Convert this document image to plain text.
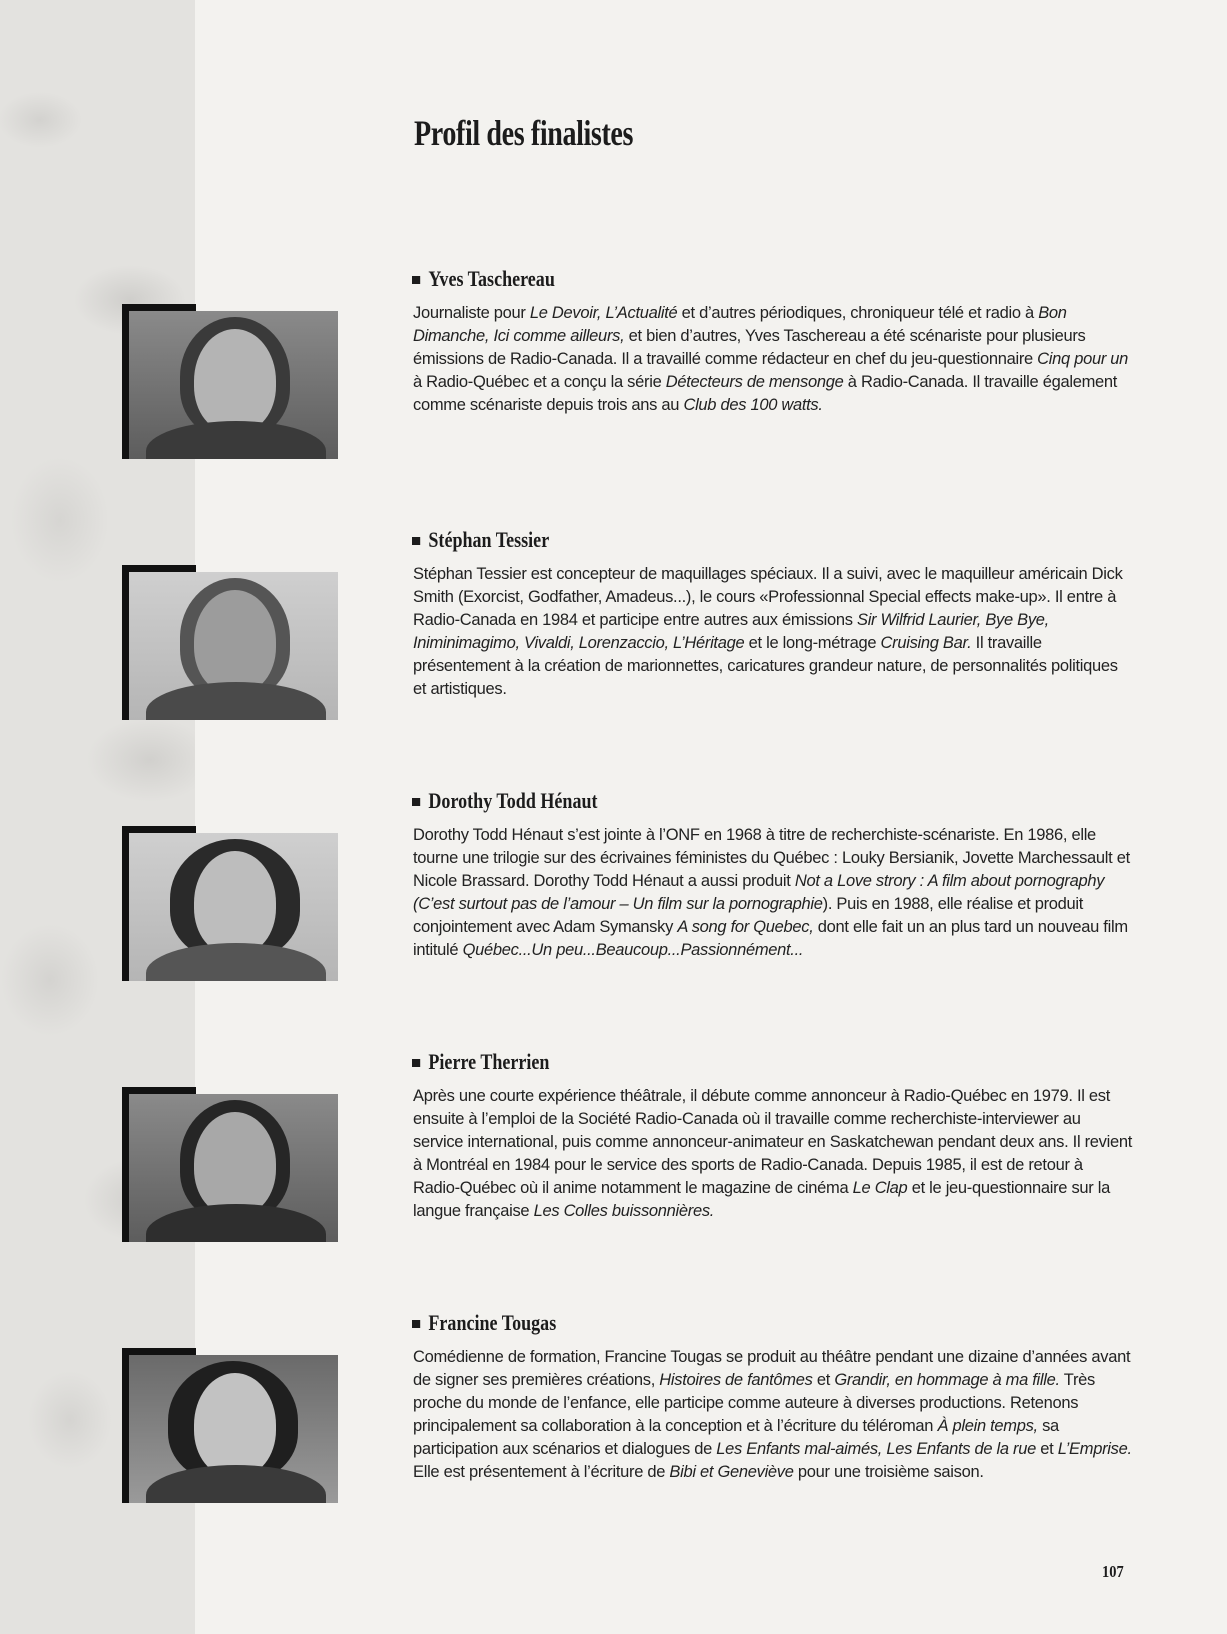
Profil des finalistes
Yves Taschereau
Journaliste pour Le Devoir, L’Actualité et d’autres périodiques, chroniqueur télé et radio à Bon Dimanche, Ici comme ailleurs, et bien d’autres, Yves Taschereau a été scénariste pour plusieurs émissions de Radio-Canada. Il a travaillé comme rédacteur en chef du jeu-questionnaire Cinq pour un à Radio-Québec et a conçu la série Détecteurs de mensonge à Radio-Canada. Il travaille également comme scénariste depuis trois ans au Club des 100 watts.
Stéphan Tessier
Stéphan Tessier est concepteur de maquillages spéciaux. Il a suivi, avec le maquilleur américain Dick Smith (Exorcist, Godfather, Amadeus...), le cours «Professionnal Special effects make-up». Il entre à Radio-Canada en 1984 et participe entre autres aux émissions Sir Wilfrid Laurier, Bye Bye, Iniminimagimo, Vivaldi, Lorenzaccio, L’Héritage et le long-métrage Cruising Bar. Il travaille présentement à la création de marionnettes, caricatures grandeur nature, de personnalités politiques et artistiques.
Dorothy Todd Hénaut
Dorothy Todd Hénaut s’est jointe à l’ONF en 1968 à titre de recherchiste-scénariste. En 1986, elle tourne une trilogie sur des écrivaines féministes du Québec : Louky Bersianik, Jovette Marchessault et Nicole Brassard. Dorothy Todd Hénaut a aussi produit Not a Love strory : A film about pornography (C’est surtout pas de l’amour – Un film sur la pornographie). Puis en 1988, elle réalise et produit conjointement avec Adam Symansky A song for Quebec, dont elle fait un an plus tard un nouveau film intitulé Québec...Un peu...Beaucoup...Passionnément...
Pierre Therrien
Après une courte expérience théâtrale, il débute comme annonceur à Radio-Québec en 1979. Il est ensuite à l’emploi de la Société Radio-Canada où il travaille comme recherchiste-interviewer au service international, puis comme annonceur-animateur en Saskatchewan pendant deux ans. Il revient à Montréal en 1984 pour le service des sports de Radio-Canada. Depuis 1985, il est de retour à Radio-Québec où il anime notamment le magazine de cinéma Le Clap et le jeu-questionnaire sur la langue française Les Colles buissonnières.
Francine Tougas
Comédienne de formation, Francine Tougas se produit au théâtre pendant une dizaine d’années avant de signer ses premières créations, Histoires de fantômes et Grandir, en hommage à ma fille. Très proche du monde de l’enfance, elle participe comme auteure à diverses productions. Retenons principalement sa collaboration à la conception et à l’écriture du téléroman À plein temps, sa participation aux scénarios et dialogues de Les Enfants mal-aimés, Les Enfants de la rue et L’Emprise. Elle est présentement à l’écriture de Bibi et Geneviève pour une troisième saison.
107
